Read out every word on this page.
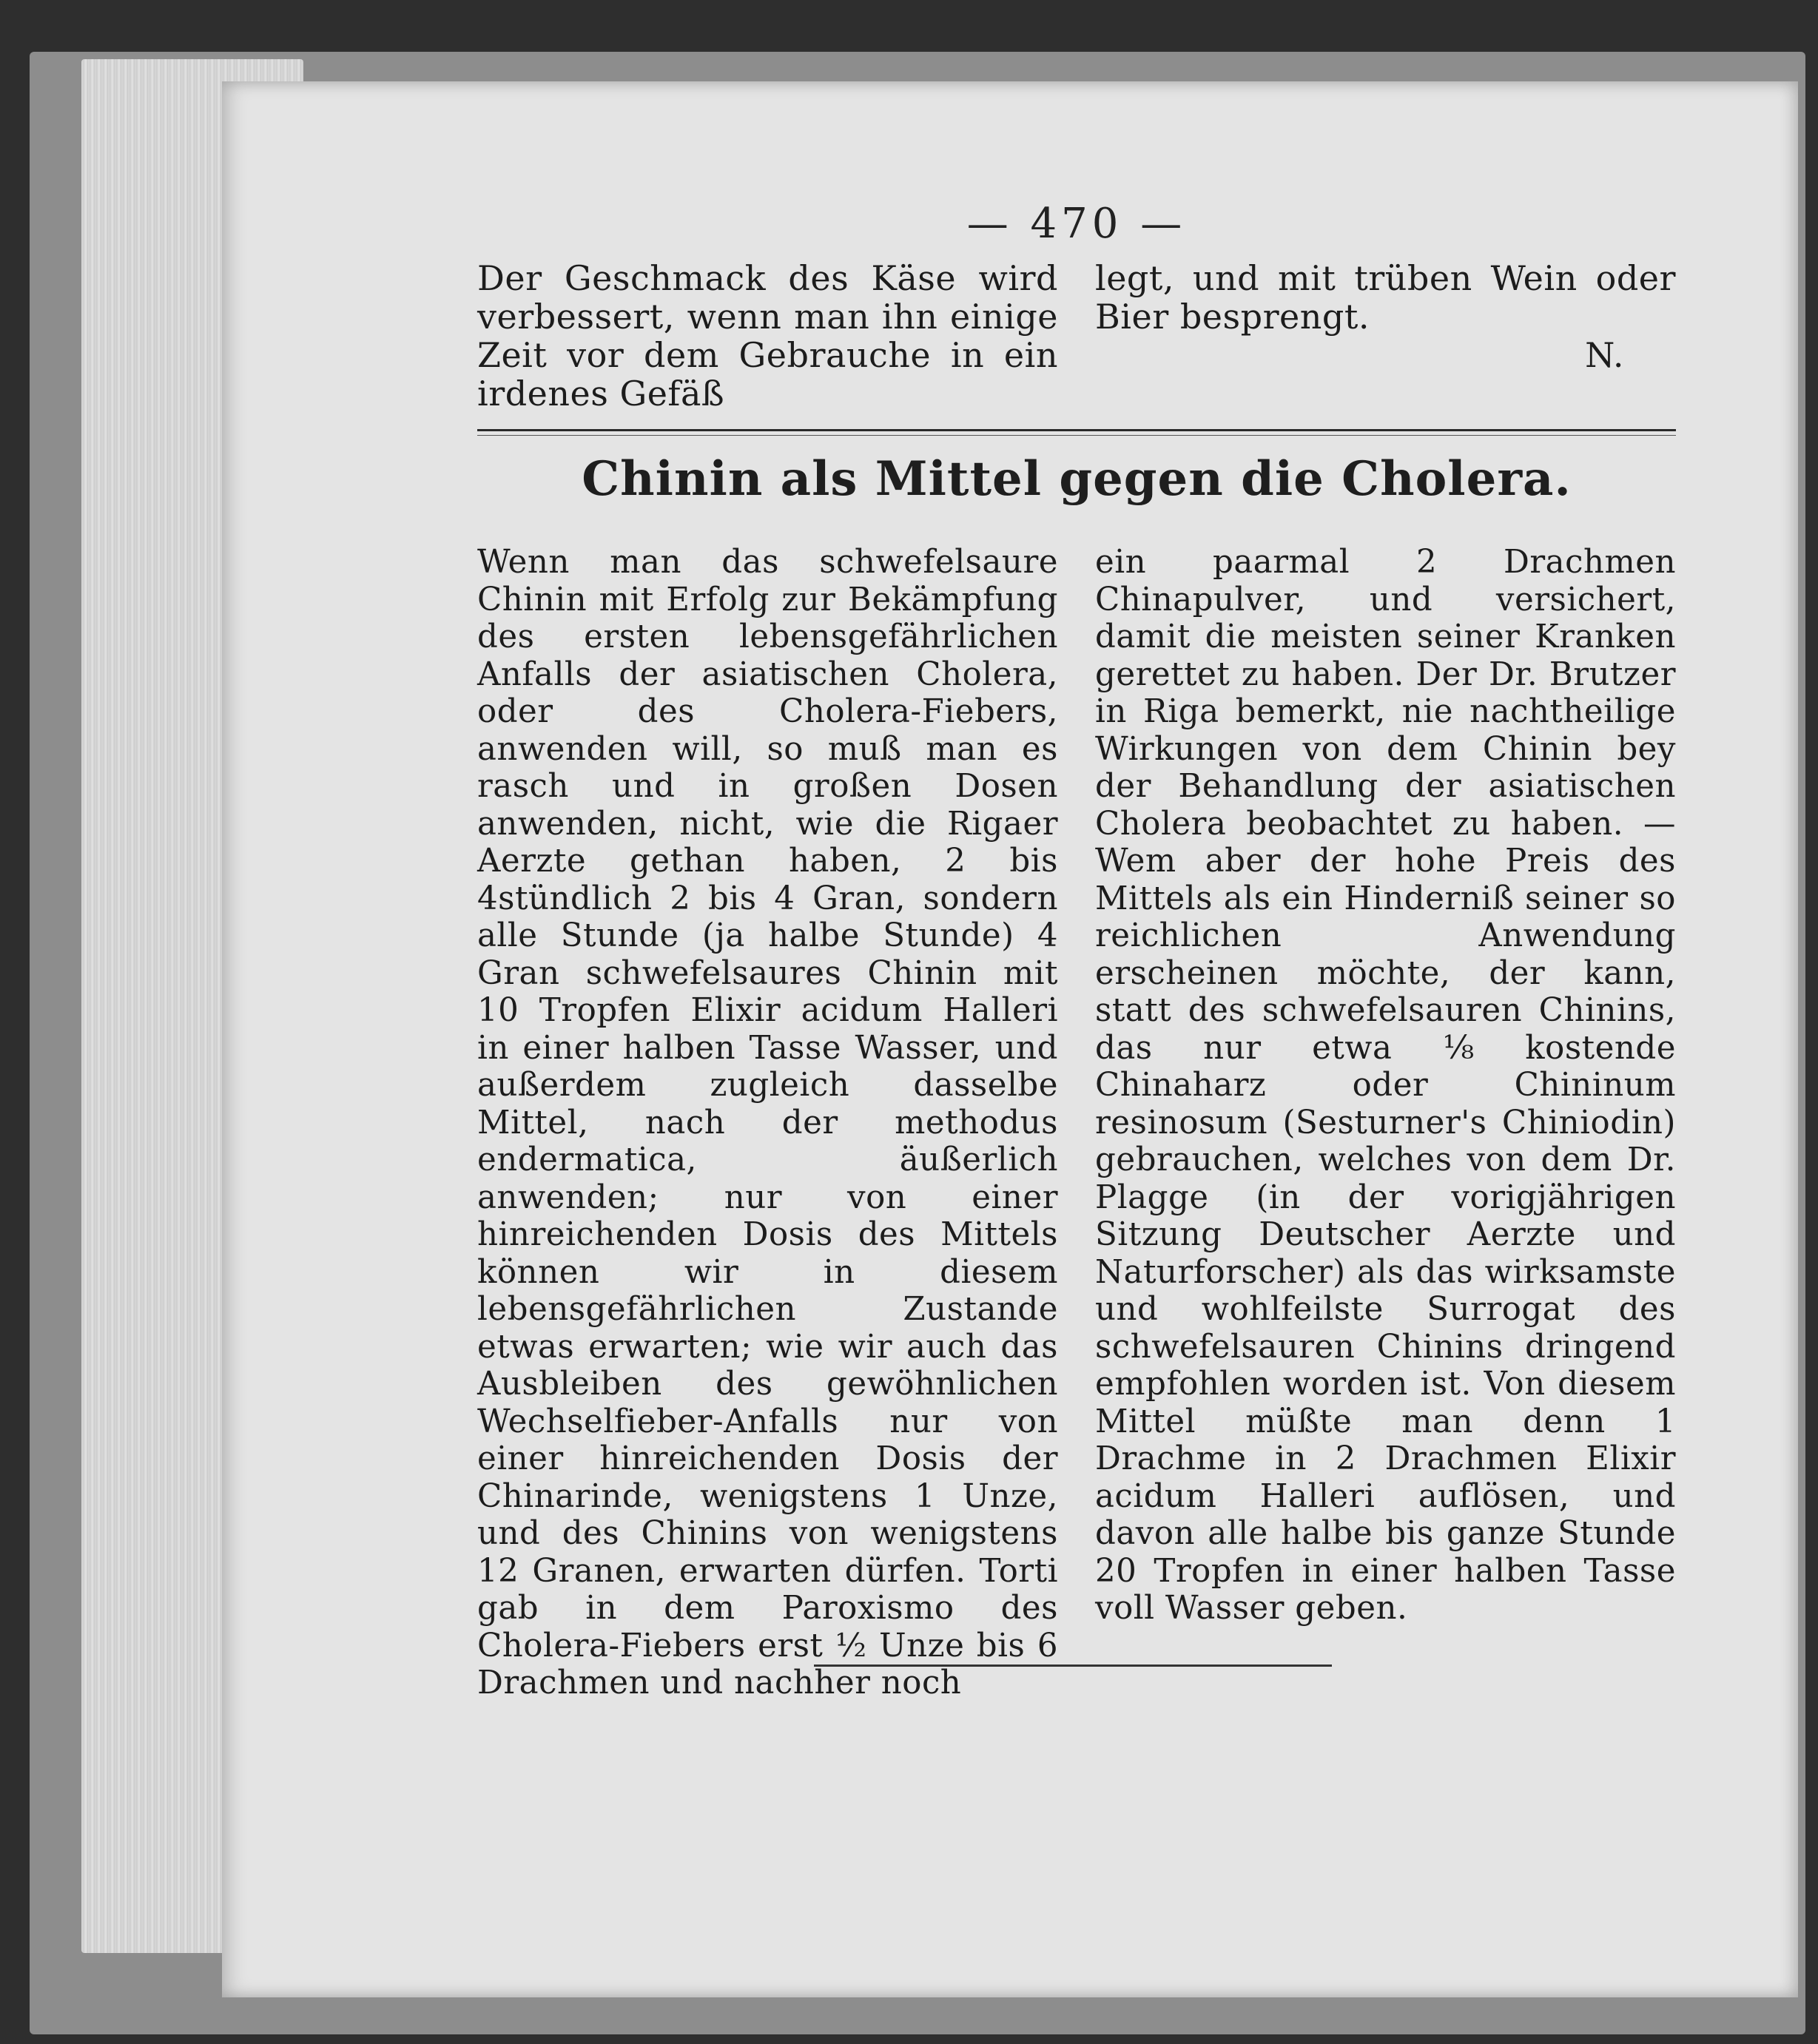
— 470 —

Der Geschmack des Käse wird verbessert, wenn man ihn einige Zeit vor dem Gebrauche in ein irdenes Gefäß

legt, und mit trüben Wein oder Bier besprengt.

N.

Chinin als Mittel gegen die Cholera.

Wenn man das schwefelsaure Chinin mit Erfolg zur Bekämpfung des ersten lebensgefährlichen Anfalls der asiatischen Cholera, oder des Cholera-Fiebers, anwenden will, so muß man es rasch und in großen Dosen anwenden, nicht, wie die Rigaer Aerzte gethan haben, 2 bis 4stündlich 2 bis 4 Gran, sondern alle Stunde (ja halbe Stunde) 4 Gran schwefelsaures Chinin mit 10 Tropfen Elixir acidum Halleri in einer halben Tasse Wasser, und außerdem zugleich dasselbe Mittel, nach der methodus endermatica, äußerlich anwenden; nur von einer hinreichenden Dosis des Mittels können wir in diesem lebensgefährlichen Zustande etwas erwarten; wie wir auch das Ausbleiben des gewöhnlichen Wechselfieber-Anfalls nur von einer hinreichenden Dosis der Chinarinde, wenigstens 1 Unze, und des Chinins von wenigstens 12 Granen, erwarten dürfen. Torti gab in dem Paroxismo des Cholera-Fiebers erst ½ Unze bis 6 Drachmen und nachher noch

ein paarmal 2 Drachmen Chinapulver, und versichert, damit die meisten seiner Kranken gerettet zu haben. Der Dr. Brutzer in Riga bemerkt, nie nachtheilige Wirkungen von dem Chinin bey der Behandlung der asiatischen Cholera beobachtet zu haben. — Wem aber der hohe Preis des Mittels als ein Hinderniß seiner so reichlichen Anwendung erscheinen möchte, der kann, statt des schwefelsauren Chinins, das nur etwa ⅛ kostende Chinaharz oder Chininum resinosum (Sesturner's Chiniodin) gebrauchen, welches von dem Dr. Plagge (in der vorigjährigen Sitzung Deutscher Aerzte und Naturforscher) als das wirksamste und wohlfeilste Surrogat des schwefelsauren Chinins dringend empfohlen worden ist. Von diesem Mittel müßte man denn 1 Drachme in 2 Drachmen Elixir acidum Halleri auflösen, und davon alle halbe bis ganze Stunde 20 Tropfen in einer halben Tasse voll Wasser geben.
